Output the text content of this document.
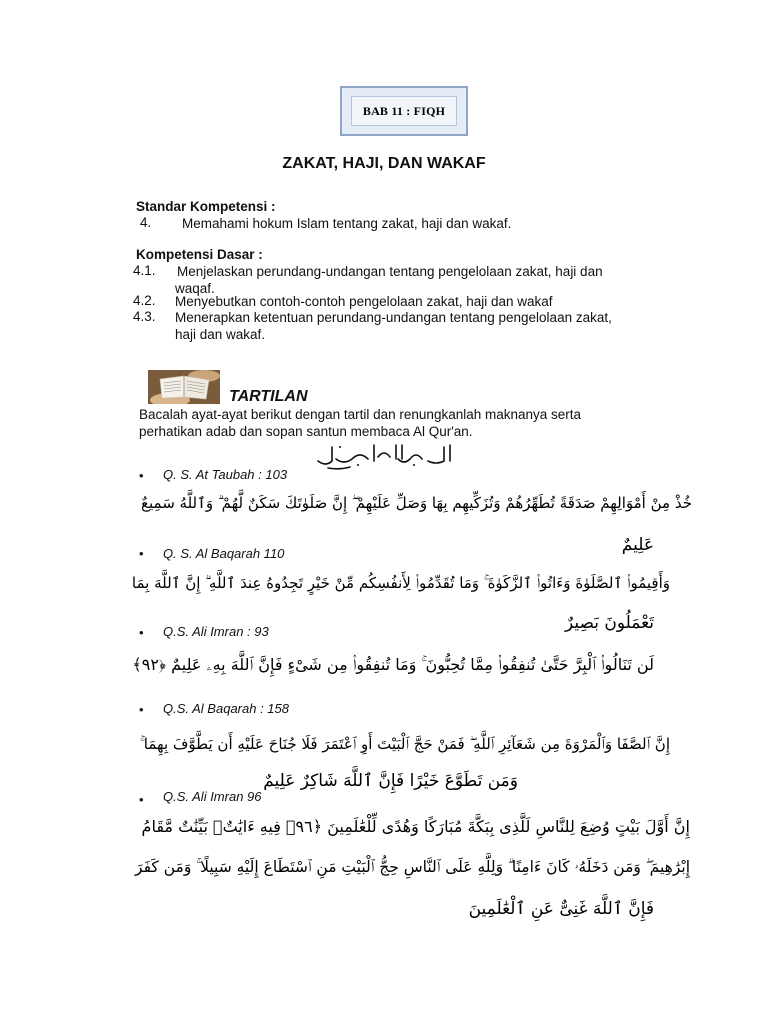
BAB 11 : FIQH
ZAKAT, HAJI, DAN WAKAF
Standar Kompetensi :
4. Memahami hokum Islam tentang zakat, haji dan wakaf.
Kompetensi Dasar :
4.1. Menjelaskan perundang-undangan tentang pengelolaan zakat, haji dan
waqaf.
4.2. Menyebutkan contoh-contoh pengelolaan zakat, haji dan wakaf
4.3. Menerapkan ketentuan perundang-undangan tentang pengelolaan zakat,
haji dan wakaf.
TARTILAN
Bacalah ayat-ayat berikut dengan tartil dan renungkanlah maknanya serta
perhatikan adab dan sopan santun membaca Al Qur'an.
• Q. S. At Taubah : 103
خُذْ مِنْ أَمْوَالِهِمْ صَدَقَةً تُطَهِّرُهُمْ وَتُزَكِّيهِم بِهَا وَصَلِّ عَلَيْهِمْ ۖ إِنَّ صَلَوٰتَكَ سَكَنٌ لَّهُمْ ۗ وَٱللَّهُ سَمِيعٌ
عَلِيمٌ
• Q. S. Al Baqarah 110
وَأَقِيمُوا۟ ٱلصَّلَوٰةَ وَءَاتُوا۟ ٱلزَّكَوٰةَ ۚ وَمَا تُقَدِّمُوا۟ لِأَنفُسِكُم مِّنْ خَيْرٍ تَجِدُوهُ عِندَ ٱللَّهِ ۗ إِنَّ ٱللَّهَ بِمَا
تَعْمَلُونَ بَصِيرٌ
• Q.S. Ali Imran : 93
لَن تَنَالُوا۟ ٱلْبِرَّ حَتَّىٰ تُنفِقُوا۟ مِمَّا تُحِبُّونَ ۚ وَمَا تُنفِقُوا۟ مِن شَىْءٍ فَإِنَّ ٱللَّهَ بِهِۦ عَلِيمٌ ﴿٩٢﴾
• Q.S. Al Baqarah : 158
إِنَّ ٱلصَّفَا وَٱلْمَرْوَةَ مِن شَعَآئِرِ ٱللَّهِ ۖ فَمَنْ حَجَّ ٱلْبَيْتَ أَوِ ٱعْتَمَرَ فَلَا جُنَاحَ عَلَيْهِ أَن يَطَّوَّفَ بِهِمَا ۚ
وَمَن تَطَوَّعَ خَيْرًا فَإِنَّ ٱللَّهَ شَاكِرٌ عَلِيمٌ
• Q.S. Ali Imran 96
إِنَّ أَوَّلَ بَيْتٍ وُضِعَ لِلنَّاسِ لَلَّذِى بِبَكَّةَ مُبَارَكًا وَهُدًى لِّلْعَٰلَمِينَ ﴿٩٦﴾ فِيهِ ءَايَٰتٌۢ بَيِّنَٰتٌ مَّقَامُ
إِبْرَٰهِيمَ ۖ وَمَن دَخَلَهُۥ كَانَ ءَامِنًا ۗ وَلِلَّهِ عَلَى ٱلنَّاسِ حِجُّ ٱلْبَيْتِ مَنِ ٱسْتَطَاعَ إِلَيْهِ سَبِيلًا ۚ وَمَن كَفَرَ
فَإِنَّ ٱللَّهَ غَنِىٌّ عَنِ ٱلْعَٰلَمِينَ
